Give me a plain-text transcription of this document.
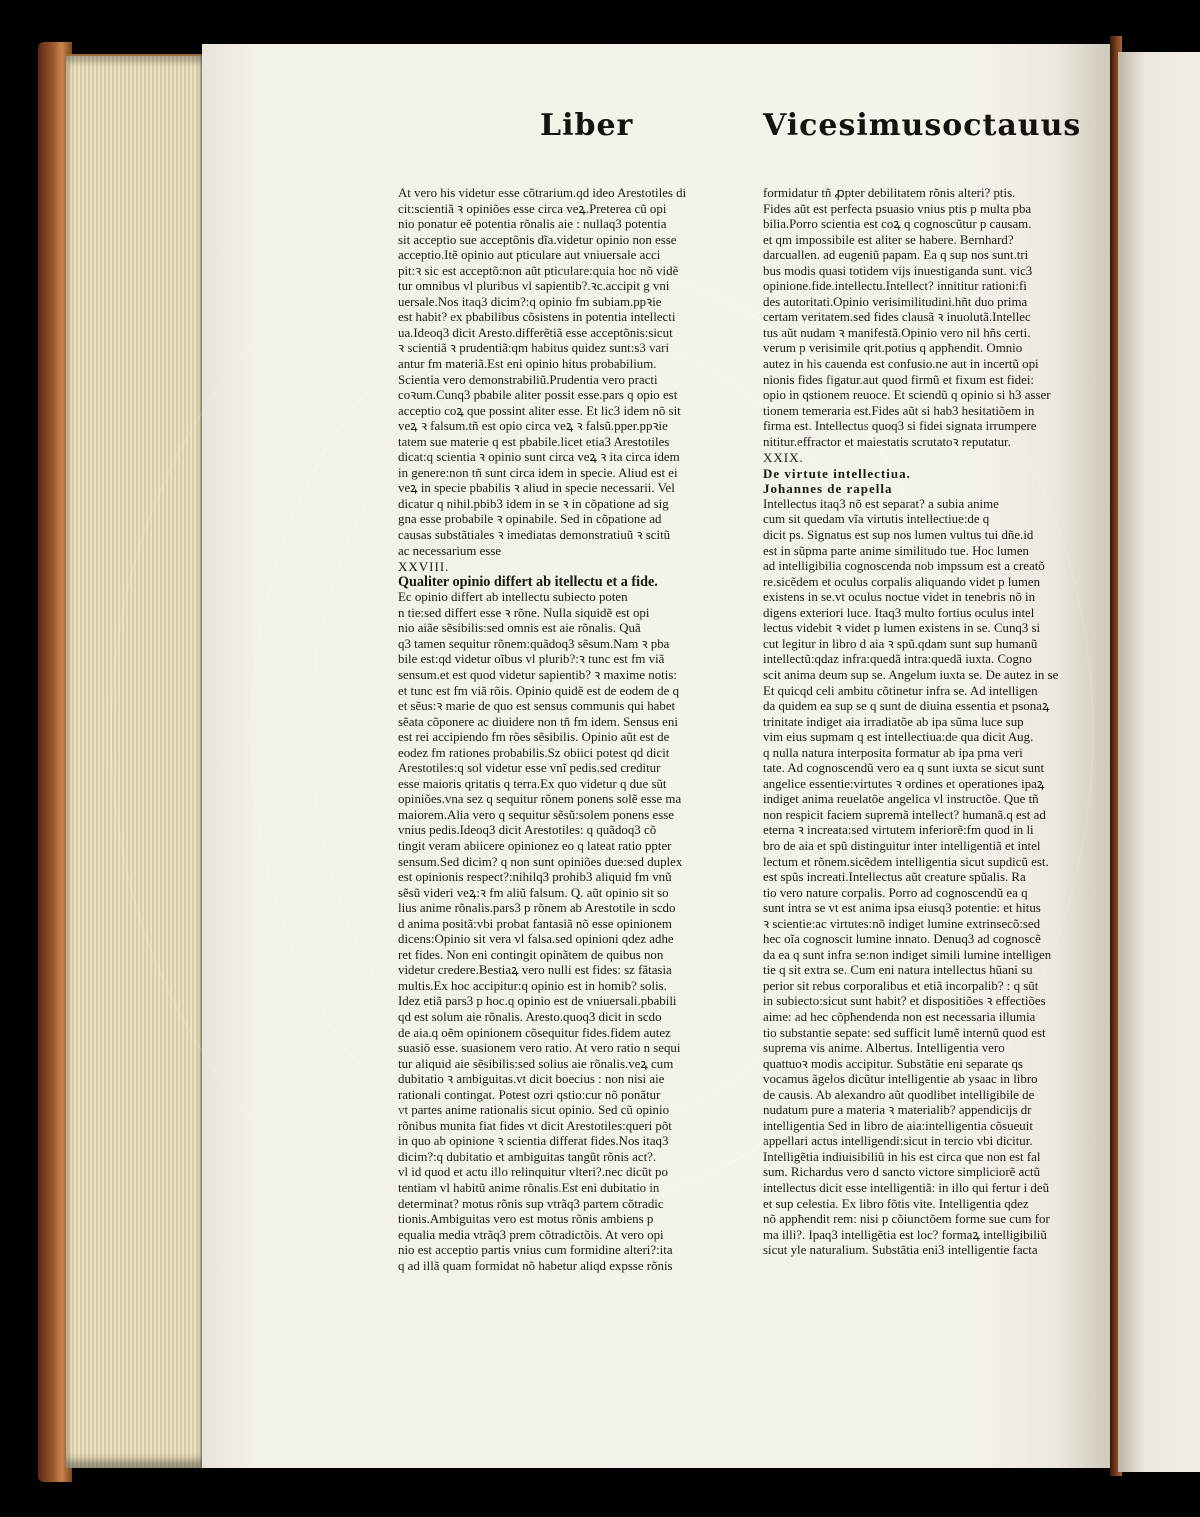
Liber	Vicesimusoctauus
At vero his videtur esse cõtrarium.qd ideo Arestotiles di
cit:scientiã ꝛ opiniões esse circa veꝝ.Preterea cũ opi
nio ponatur eẽ potentia rõnalis aie : nullaq3 potentia
sit acceptio sue acceptõnis dĩa.videtur opinio non esse
acceptio.Itẽ opinio aut pticulare aut vniuersale acci
pit:ꝛ sic est acceptõ:non aũt pticulare:quia hoc nõ vidẽ
tur omnibus vl pluribus vl sapientib?.ꝛc.accipit g vni
uersale.Nos itaq3 dicim?:q opinio fm subiam.ppꝛie
est habit? ex pbabilibus cõsistens in potentia intellecti
ua.Ideoq3 dicit Aresto.differẽtiã esse acceptõnis:sicut
ꝛ scientiã ꝛ prudentiã:qm habitus quidez sunt:s3 vari
antur fm materiã.Est eni opinio hitus probabilium.
Scientia vero demonstrabiliũ.Prudentia vero practi
coꝛum.Cunq3 pbabile aliter possit esse.pars q opio est
acceptio coꝝ que possint aliter esse. Et lic3 idem nõ sit
veꝝ ꝛ falsum.tñ est opio circa veꝝ ꝛ falsũ.pper.ppꝛie
tatem sue materie q est pbabile.licet etia3 Arestotiles
dicat:q scientia ꝛ opinio sunt circa veꝝ ꝛ ita circa idem
in genere:non tñ sunt circa idem in specie. Aliud est ei
veꝝ in specie pbabilis ꝛ aliud in specie necessarii. Vel
dicatur q nihil.pbib3 idem in se ꝛ in cõpatione ad sig
gna esse probabile ꝛ opinabile. Sed in cõpatione ad
causas substãtiales ꝛ imediatas demonstratiuũ ꝛ scitũ
ac necessarium esse
XXVIII.
Qualiter opinio differt ab itellectu et a fide.
Ec opinio differt ab intellectu subiecto poten
n tie:sed differt esse ꝛ rõne. Nulla siquidẽ est opi
nio aiãe sẽsibilis:sed omnis est aie rõnalis. Quã
q3 tamen sequitur rõnem:quãdoq3 sẽsum.Nam ꝛ pba
bile est:qd videtur oĩbus vl plurib?:ꝛ tunc est fm viã
sensum.et est quod videtur sapientib? ꝛ maxime notis:
et tunc est fm viã rõis. Opinio quidẽ est de eodem de q
et sẽus:ꝛ marie de quo est sensus communis qui habet
sẽata cõponere ac diuidere non tñ fm idem. Sensus eni
est rei accipiendo fm rões sẽsibilis. Opinio aũt est de
eodez fm rationes probabilis.Sz obiici potest qd dicit
Arestotiles:q sol videtur esse vnĩ pedis.sed creditur
esse maioris qritatis q terra.Ex quo videtur q due sũt
opiniões.vna sez q sequitur rõnem ponens solẽ esse ma
maiorem.Alia vero q sequitur sẽsũ:solem ponens esse
vnius pedis.Ideoq3 dicit Arestotiles: q quãdoq3 cõ
tingit veram abiicere opinionez eo q lateat ratio ppter
sensum.Sed dicim? q non sunt opiniões due:sed duplex
est opinionis respect?:nihilq3 prohib3 aliquid fm vnũ
sẽsũ videri veꝝ:ꝛ fm aliũ falsum. Q. aũt opinio sit so
lius anime rõnalis.pars3 p rõnem ab Arestotile in scdo
d anima positã:vbi probat fantasiã nõ esse opinionem
dicens:Opinio sit vera vl falsa.sed opinioni qdez adhe
ret fides. Non eni contingit opinãtem de quibus non
videtur credere.Bestiaꝝ vero nulli est fides: sz fãtasia
multis.Ex hoc accipitur:q opinio est in homib? solis.
Idez etiã pars3 p hoc.q opinio est de vniuersali.pbabili
qd est solum aie rõnalis. Aresto.quoq3 dicit in scdo
de aia.q oẽm opinionem cõsequitur fides.fidem autez
suasiõ esse. suasionem vero ratio. At vero ratio n sequi
tur aliquid aie sẽsibilis:sed solius aie rõnalis.veꝝ cum
dubitatio ꝛ ambiguitas.vt dicit boecius : non nisi aie
rationali contingat. Potest ozri qstio:cur nõ ponãtur
vt partes anime rationalis sicut opinio. Sed cũ opinio
rõnibus munita fiat fides vt dicit Arestotiles:queri põt
in quo ab opinione ꝛ scientia differat fides.Nos itaq3
dicim?:q dubitatio et ambiguitas tangũt rõnis act?.
vl id quod et actu illo relinquitur vlteri?.nec dicũt po
tentiam vl habitũ anime rõnalis.Est eni dubitatio in
determinat? motus rõnis sup vtrãq3 partem cõtradic
tionis.Ambiguitas vero est motus rõnis ambiens p
equalia media vtrãq3 prem cõtradictõis. At vero opi
nio est acceptio partis vnius cum formidine alteri?:ita
q ad illã quam formidat nõ habetur aliqd expsse rõnis
formidatur tñ ꝓpter debilitatem rõnis alteri? ptis.
Fides aũt est perfecta psuasio vnius ptis p multa pba
bilia.Porro scientia est coꝝ q cognoscũtur p causam.
et qm impossibile est aliter se habere. Bernhard?
darcuallen. ad eugeniũ papam. Ea q sup nos sunt.tri
bus modis quasi totidem vijs inuestiganda sunt. vic3
opinione.fide.intellectu.Intellect? innititur rationi:fi
des autoritati.Opinio verisimilitudini.hñt duo prima
certam veritatem.sed fides clausã ꝛ inuolutã.Intellec
tus aũt nudam ꝛ manifestã.Opinio vero nil hñs certi.
verum p verisimile qrit.potius q appħendit. Omnio
autez in his cauenda est confusio.ne aut in incertũ opi
nionis fides figatur.aut quod firmũ et fixum est fidei:
opio in qstionem reuoce. Et sciendũ q opinio si h3 asser
tionem temeraria est.Fides aũt si hab3 hesitatiõem in
firma est. Intellectus quoq3 si fidei signata irrumpere
nititur.effractor et maiestatis scrutatoꝛ reputatur.
XXIX.
De virtute intellectiua.
Johannes de rapella
Intellectus itaq3 nõ est separat? a subia anime
cum sit quedam vĩa virtutis intellectiue:de q
dicit ps. Signatus est sup nos lumen vultus tui dñe.id
est in sũpma parte anime similitudo tue. Hoc lumen
ad intelligibilia cognoscenda nob impssum est a creatõ
re.sicẽdem et oculus corpalis aliquando videt p lumen
existens in se.vt oculus noctue videt in tenebris nõ in
digens exteriori luce. Itaq3 multo fortius oculus intel
lectus videbit ꝛ videt p lumen existens in se. Cunq3 si
cut legitur in libro d aia ꝛ spũ.qdam sunt sup humanũ
intellectũ:qdaz infra:quedã intra:quedã iuxta. Cogno
scit anima deum sup se. Angelum iuxta se. De autez in se
Et quicqd celi ambitu cõtinetur infra se. Ad intelligen
da quidem ea sup se q sunt de diuina essentia et psonaꝝ
trinitate indiget aia irradiatõe ab ipa sũma luce sup
vim eius supmam q est intellectiua:de qua dicit Aug.
q nulla natura interposita formatur ab ipa pma veri
tate. Ad cognoscendũ vero ea q sunt iuxta se sicut sunt
angelice essentie:virtutes ꝛ ordines et operationes ipaꝝ
indiget anima reuelatõe angelica vl instructõe. Que tñ
non respicit faciem supremã intellect? humanã.q est ad
eterna ꝛ increata:sed virtutem inferiorẽ:fm quod in li
bro de aia et spũ distinguitur inter intelligentiã et intel
lectum et rõnem.sicẽdem intelligentia sicut supdicũ est.
est spũs increati.Intellectus aũt creature spũalis. Ra
tio vero nature corpalis. Porro ad cognoscendũ ea q
sunt intra se vt est anima ipsa eiusq3 potentie: et hitus
ꝛ scientie:ac virtutes:nõ indiget lumine extrinsecõ:sed
hec oĩa cognoscit lumine innato. Denuq3 ad cognoscẽ
da ea q sunt infra se:non indiget simili lumine intelligen
tie q sit extra se. Cum eni natura intellectus hũani su
perior sit rebus corporalibus et etiã incorpalib? : q sũt
in subiecto:sicut sunt habit? et dispositiões ꝛ effectiões
aime: ad hec cõpħendenda non est necessaria illumia
tio substantie sepate: sed sufficit lumẽ internũ quod est
suprema vis anime. Albertus. Intelligentia vero
quattuoꝛ modis accipitur. Substãtie eni separate qs
vocamus ãgelos dicũtur intelligentie ab ysaac in libro
de causis. Ab alexandro aũt quodlibet intelligibile de
nudatum pure a materia ꝛ materialib? appendicijs dr
intelligentia Sed in libro de aia:intelligentia cõsueuit
appellari actus intelligendi:sicut in tercio vbi dicitur.
Intelligẽtia indiuisibiliũ in his est circa que non est fal
sum. Richardus vero d sancto victore simpliciorẽ actũ
intellectus dicit esse intelligentiã: in illo qui fertur i deũ
et sup celestia. Ex libro fõtis vite. Intelligentia qdez
nõ appħendit rem: nisi p cõiunctõem forme sue cum for
ma illi?. Ipaq3 intelligẽtia est loc? formaꝝ intelligibiliũ
sicut yle naturalium. Substãtia eni3 intelligentie facta
